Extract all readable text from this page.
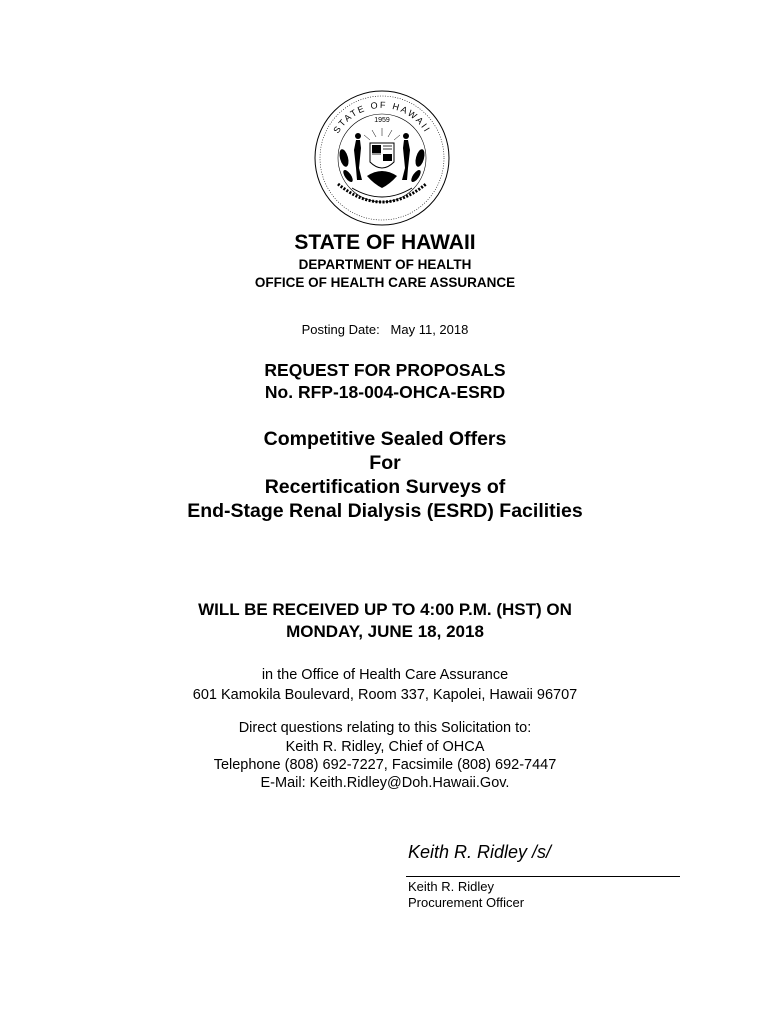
STATE OF HAWAII
1959
STATE OF HAWAII
DEPARTMENT OF HEALTH
OFFICE OF HEALTH CARE ASSURANCE
Posting Date: May 11, 2018
REQUEST FOR PROPOSALS
No. RFP-18-004-OHCA-ESRD
Competitive Sealed Offers
For
Recertification Surveys of
End-Stage Renal Dialysis (ESRD) Facilities
WILL BE RECEIVED UP TO 4:00 P.M. (HST) ON
MONDAY, JUNE 18, 2018
in the Office of Health Care Assurance
601 Kamokila Boulevard, Room 337, Kapolei, Hawaii 96707
Direct questions relating to this Solicitation to:
Keith R. Ridley, Chief of OHCA
Telephone (808) 692-7227, Facsimile (808) 692-7447
E-Mail: Keith.Ridley@Doh.Hawaii.Gov.
Keith R. Ridley /s/
Keith R. Ridley
Procurement Officer
